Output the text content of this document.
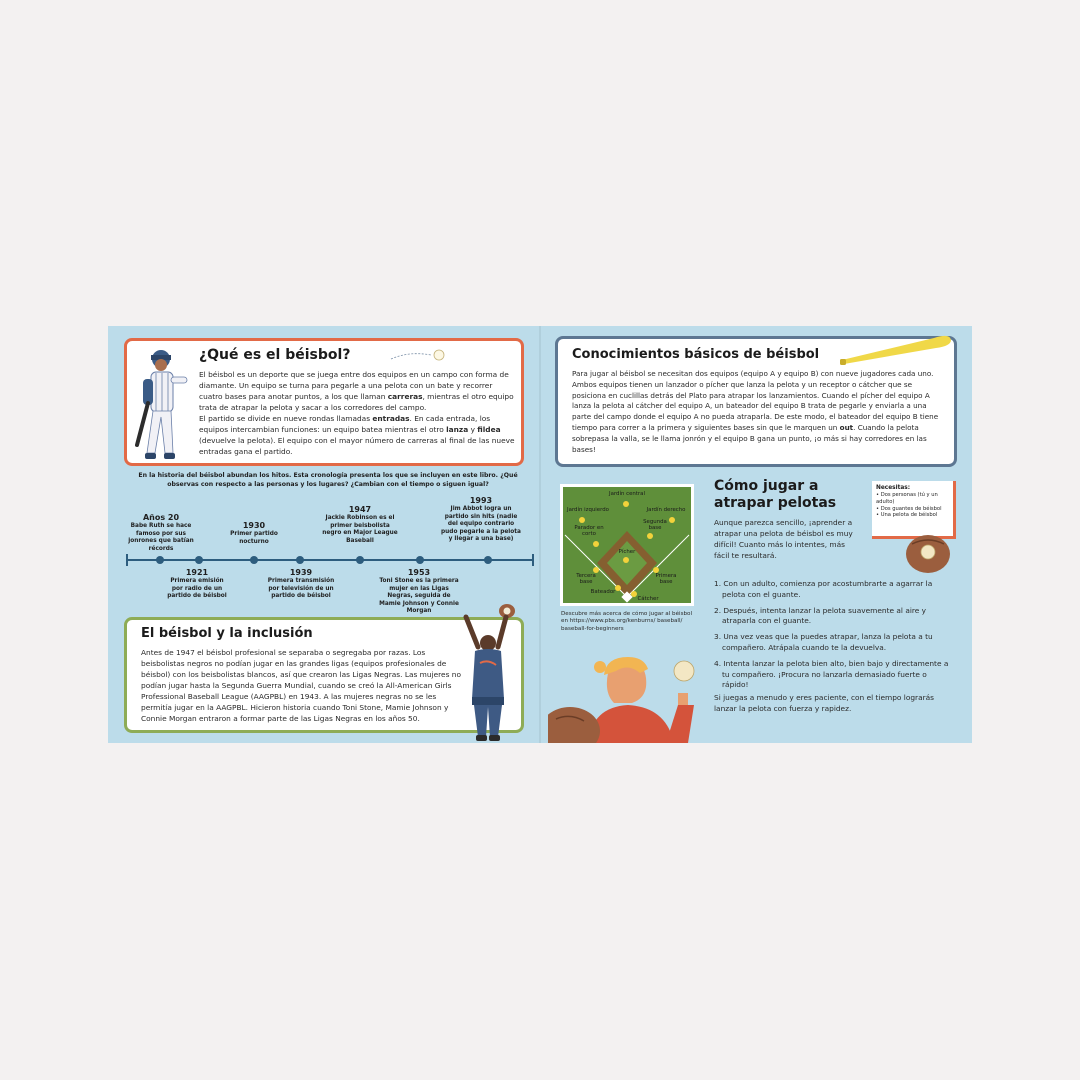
¿Qué es el béisbol?

El béisbol es un deporte que se juega entre dos equipos en un campo con forma de diamante. Un equipo se turna para pegarle a una pelota con un bate y recorrer cuatro bases para anotar puntos, a los que llaman carreras, mientras el otro equipo trata de atrapar la pelota y sacar a los corredores del campo.
El partido se divide en nueve rondas llamadas entradas. En cada entrada, los equipos intercambian funciones: un equipo batea mientras el otro lanza y fildea (devuelve la pelota). El equipo con el mayor número de carreras al final de las nueve entradas gana el partido.

En la historia del béisbol abundan los hitos. Esta cronología presenta los que se incluyen en este libro. ¿Qué observas con respecto a las personas y los lugares? ¿Cambian con el tiempo o siguen igual?
Años 20
Babe Ruth se hace famoso por sus jonrones que batían récords
1930
Primer partido nocturno
1947
Jackie Robinson es el primer beisbolista negro en Major League Baseball
1993
Jim Abbot logra un partido sin hits (nadie del equipo contrario pudo pegarle a la pelota y llegar a una base)
1921
Primera emisión por radio de un partido de béisbol
1939
Primera transmisión por televisión de un partido de béisbol
1953
Toni Stone es la primera mujer en las Ligas Negras, seguida de Mamie Johnson y Connie Morgan
El béisbol y la inclusión

Antes de 1947 el béisbol profesional se separaba o segregaba por razas. Los beisbolistas negros no podían jugar en las grandes ligas (equipos profesionales de béisbol) con los beisbolistas blancos, así que crearon las Ligas Negras. Las mujeres no podían jugar hasta la Segunda Guerra Mundial, cuando se creó la All-American Girls Professional Baseball League (AAGPBL) en 1943. A las mujeres negras no se les permitía jugar en la AAGPBL. Hicieron historia cuando Toni Stone, Mamie Johnson y Connie Morgan entraron a formar parte de las Ligas Negras en los años 50.

Conocimientos básicos de béisbol

Para jugar al béisbol se necesitan dos equipos (equipo A y equipo B) con nueve jugadores cada uno. Ambos equipos tienen un lanzador o pícher que lanza la pelota y un receptor o cátcher que se posiciona en cuclillas detrás del Plato para atrapar los lanzamientos. Cuando el pícher del equipo A lanza la pelota al cátcher del equipo A, un bateador del equipo B trata de pegarle y enviarla a una parte del campo donde el equipo A no pueda atraparla. De este modo, el bateador del equipo B tiene tiempo para correr a la primera y siguientes bases sin que le marquen un out. Cuando la pelota sobrepasa la valla, se le llama jonrón y el equipo B gana un punto, ¡o más si hay corredores en las bases!

Jardín central
Jardín izquierdo	Jardín derecho
Parador en corto
Segunda base
Pícher
Tercera base
Primera base
Bateador
Cátcher
Descubre más acerca de cómo jugar al béisbol en https://www.pbs.org/kenburns/ baseball/ baseball-for-beginners
Cómo jugar a atrapar pelotas

Aunque parezca sencillo, ¡aprender a atrapar una pelota de béisbol es muy difícil! Cuanto más lo intentes, más fácil te resultará.

1. Con un adulto, comienza por acostumbrarte a agarrar la pelota con el guante.
2. Después, intenta lanzar la pelota suavemente al aire y atraparla con el guante.
3. Una vez veas que la puedes atrapar, lanza la pelota a tu compañero. Atrápala cuando te la devuelva.
4. Intenta lanzar la pelota bien alto, bien bajo y directamente a tu compañero. ¡Procura no lanzarla demasiado fuerte o rápido!

Si juegas a menudo y eres paciente, con el tiempo lograrás lanzar la pelota con fuerza y rapidez.

Necesitas:
• Dos personas (tú y un adulto)
• Dos guantes de béisbol
• Una pelota de béisbol
